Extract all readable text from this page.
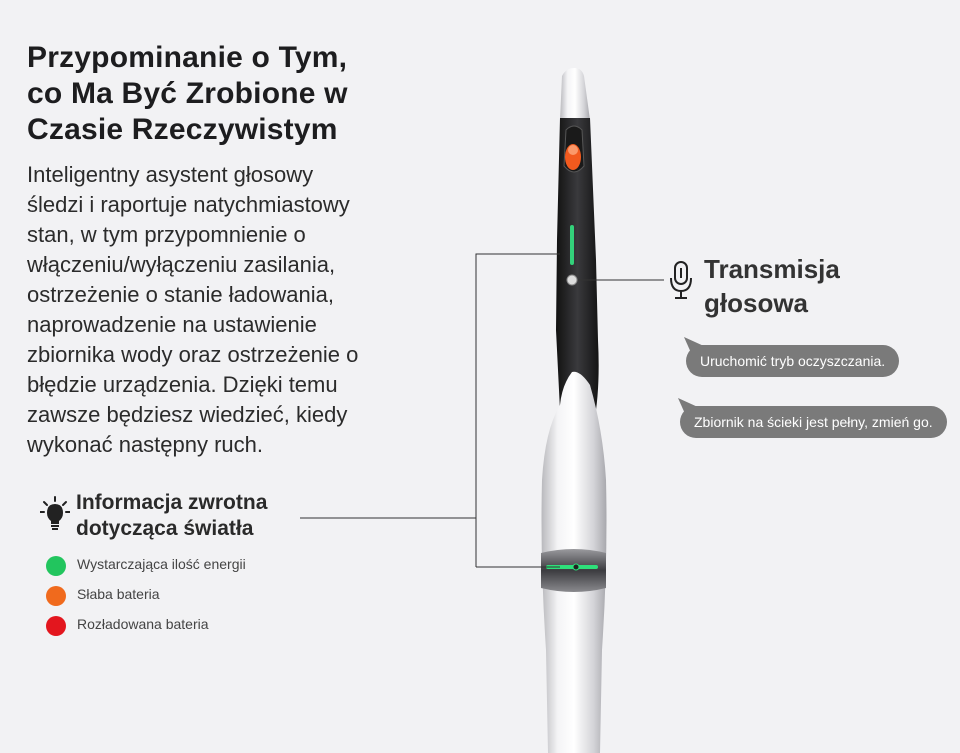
Przypominanie o Tym,
co Ma Być Zrobione w
Czasie Rzeczywistym
Inteligentny asystent głosowy
śledzi i raportuje natychmiastowy
stan, w tym przypomnienie o
włączeniu/wyłączeniu zasilania,
ostrzeżenie o stanie ładowania,
naprowadzenie na ustawienie
zbiornika wody oraz ostrzeżenie o
błędzie urządzenia. Dzięki temu
zawsze będziesz wiedzieć, kiedy
wykonać następny ruch.
Informacja zwrotna
dotycząca światła
Wystarczająca ilość energii
Słaba bateria
Rozładowana bateria
Transmisja
głosowa
Uruchomić tryb oczyszczania.
Zbiornik na ścieki jest pełny, zmień go.
